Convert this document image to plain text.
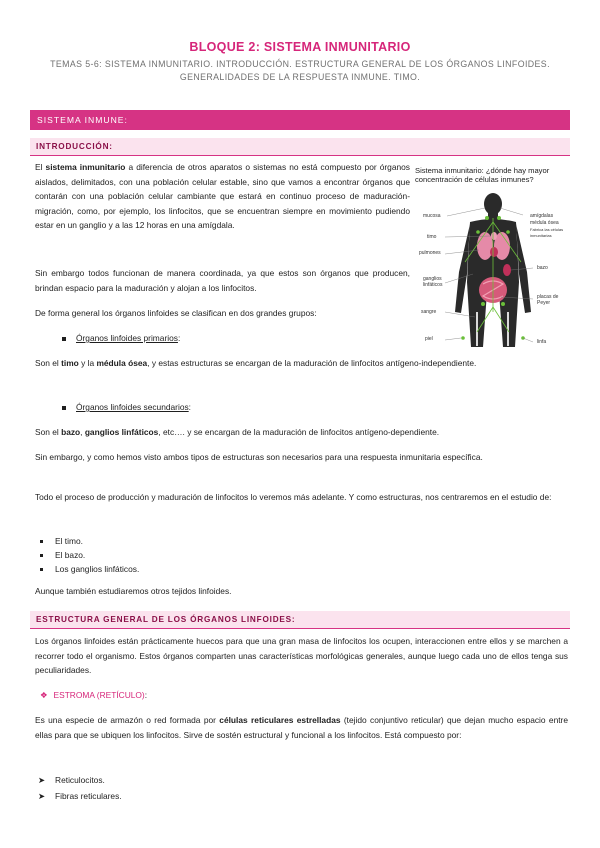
BLOQUE 2: SISTEMA INMUNITARIO
TEMAS 5-6: SISTEMA INMUNITARIO. INTRODUCCIÓN. ESTRUCTURA GENERAL DE LOS ÓRGANOS LINFOIDES.
GENERALIDADES DE LA RESPUESTA INMUNE. TIMO.
SISTEMA INMUNE:
INTRODUCCIÓN:

El sistema inmunitario a diferencia de otros aparatos o sistemas no está compuesto por órganos aislados, delimitados, con una población celular estable, sino que vamos a encontrar órganos que contarán con una población celular cambiante que estará en continuo proceso de maduración-migración, como, por ejemplo, los linfocitos, que se encuentran siempre en movimiento pudiendo estar en un ganglio y a las 12 horas en una amígdala.

Sin embargo todos funcionan de manera coordinada, ya que estos son órganos que producen, brindan espacio para la maduración y alojan a los linfocitos.

De forma general los órganos linfoides se clasifican en dos grandes grupos:

Órganos linfoides primarios:

Son el timo y la médula ósea, y estas estructuras se encargan de la maduración de linfocitos antígeno-independiente.

Órganos linfoides secundarios:

Son el bazo, ganglios linfáticos, etc…. y se encargan de la maduración de linfocitos antígeno-dependiente.

Sin embargo, y como hemos visto ambos tipos de estructuras son necesarios para una respuesta inmunitaria específica.

Todo el proceso de producción y maduración de linfocitos lo veremos más adelante. Y como estructuras, nos centraremos en el estudio de:

El timo.
El bazo.
Los ganglios linfáticos.

Aunque también estudiaremos otros tejidos linfoides.

Sistema inmunitario: ¿dónde hay mayor concentración de células inmunes?
amígdalas
mucosa
médula ósea
Fabrica las células inmunitarias
timo
pulmones
ganglios linfáticos
bazo
placas de Peyer
sangre
piel	linfa
ESTRUCTURA GENERAL DE LOS ÓRGANOS LINFOIDES:

Los órganos linfoides están prácticamente huecos para que una gran masa de linfocitos los ocupen, interaccionen entre ellos y se marchen a recorrer todo el organismo. Estos órganos comparten unas características morfológicas generales, aunque luego cada uno de ellos tenga sus peculiaridades.

❖ ESTROMA (RETÍCULO):

Es una especie de armazón o red formada por células reticulares estrelladas (tejido conjuntivo reticular) que dejan mucho espacio entre ellas para que se ubiquen los linfocitos. Sirve de sostén estructural y funcional a los linfocitos. Está compuesto por:

➤ Reticulocitos.
➤ Fibras reticulares.
